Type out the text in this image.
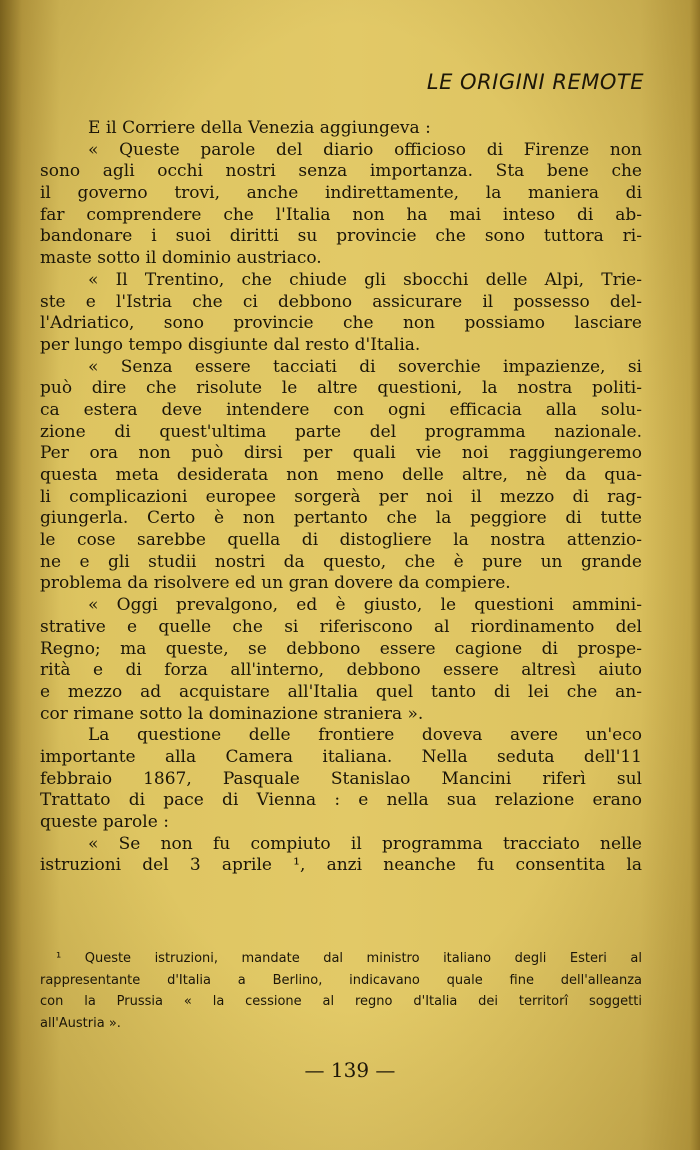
LE ORIGINI REMOTE
E il Corriere della Venezia aggiungeva :
« Queste parole del diario officioso di Firenze non
sono agli occhi nostri senza importanza. Sta bene che
il governo trovi, anche indirettamente, la maniera di
far comprendere che l'Italia non ha mai inteso di ab-
bandonare i suoi diritti su provincie che sono tuttora ri-
maste sotto il dominio austriaco.
« Il Trentino, che chiude gli sbocchi delle Alpi, Trie-
ste e l'Istria che ci debbono assicurare il possesso del-
l'Adriatico, sono provincie che non possiamo lasciare
per lungo tempo disgiunte dal resto d'Italia.
« Senza essere tacciati di soverchie impazienze, si
può dire che risolute le altre questioni, la nostra politi-
ca estera deve intendere con ogni efficacia alla solu-
zione di quest'ultima parte del programma nazionale.
Per ora non può dirsi per quali vie noi raggiungeremo
questa meta desiderata non meno delle altre, nè da qua-
li complicazioni europee sorgerà per noi il mezzo di rag-
giungerla. Certo è non pertanto che la peggiore di tutte
le cose sarebbe quella di distogliere la nostra attenzio-
ne e gli studii nostri da questo, che è pure un grande
problema da risolvere ed un gran dovere da compiere.
« Oggi prevalgono, ed è giusto, le questioni ammini-
strative e quelle che si riferiscono al riordinamento del
Regno; ma queste, se debbono essere cagione di prospe-
rità e di forza all'interno, debbono essere altresì aiuto
e mezzo ad acquistare all'Italia quel tanto di lei che an-
cor rimane sotto la dominazione straniera ».
La questione delle frontiere doveva avere un'eco
importante alla Camera italiana. Nella seduta dell'11
febbraio 1867, Pasquale Stanislao Mancini riferì sul
Trattato di pace di Vienna : e nella sua relazione erano
queste parole :
« Se non fu compiuto il programma tracciato nelle
istruzioni del 3 aprile ¹, anzi neanche fu consentita la
¹ Queste istruzioni, mandate dal ministro italiano degli Esteri al
rappresentante d'Italia a Berlino, indicavano quale fine dell'alleanza
con la Prussia « la cessione al regno d'Italia dei territorî soggetti
all'Austria ».
— 139 —
